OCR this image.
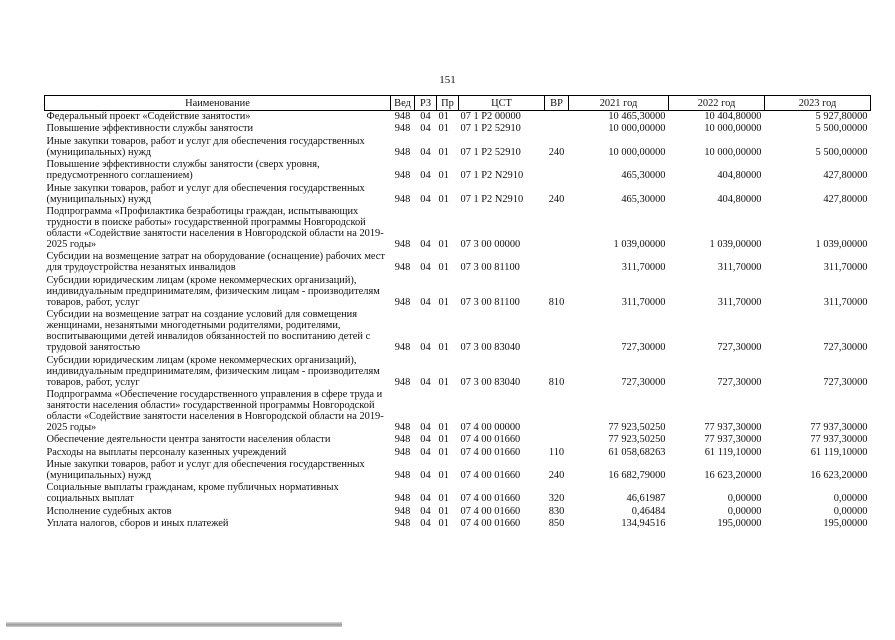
151
Наименование	Вед	РЗ	Пр	ЦСТ	ВР	2021 год	2022 год	2023 год
Федеральный проект «Содействие занятости»	948	04	01	07 1 P2 00000		10 465,30000	10 404,80000	5 927,80000
Повышение эффективности службы занятости	948	04	01	07 1 P2 52910		10 000,00000	10 000,00000	5 500,00000
Иные закупки товаров, работ и услуг для обеспечения государственных (муниципальных) нужд	948	04	01	07 1 P2 52910	240	10 000,00000	10 000,00000	5 500,00000
Повышение эффективности службы занятости (сверх уровня, предусмотренного соглашением)	948	04	01	07 1 P2 N2910		465,30000	404,80000	427,80000
Иные закупки товаров, работ и услуг для обеспечения государственных (муниципальных) нужд	948	04	01	07 1 P2 N2910	240	465,30000	404,80000	427,80000
Подпрограмма «Профилактика безработицы граждан, испытывающих трудности в поиске работы» государственной программы Новгородской области «Содействие занятости населения в Новгородской области на 2019-2025 годы»	948	04	01	07 3 00 00000		1 039,00000	1 039,00000	1 039,00000
Субсидии на возмещение затрат на оборудование (оснащение) рабочих мест для трудоустройства незанятых инвалидов	948	04	01	07 3 00 81100		311,70000	311,70000	311,70000
Субсидии юридическим лицам (кроме некоммерческих организаций), индивидуальным предпринимателям, физическим лицам - производителям товаров, работ, услуг	948	04	01	07 3 00 81100	810	311,70000	311,70000	311,70000
Субсидии на возмещение затрат на создание условий для совмещения женщинами, незанятыми многодетными родителями, родителями, воспитывающими детей инвалидов обязанностей по воспитанию детей с трудовой занятостью	948	04	01	07 3 00 83040		727,30000	727,30000	727,30000
Субсидии юридическим лицам (кроме некоммерческих организаций), индивидуальным предпринимателям, физическим лицам - производителям товаров, работ, услуг	948	04	01	07 3 00 83040	810	727,30000	727,30000	727,30000
Подпрограмма «Обеспечение государственного управления в сфере труда и занятости населения области» государственной программы Новгородской области «Содействие занятости населения в Новгородской области на 2019-2025 годы»	948	04	01	07 4 00 00000		77 923,50250	77 937,30000	77 937,30000
Обеспечение деятельности центра занятости населения области	948	04	01	07 4 00 01660		77 923,50250	77 937,30000	77 937,30000
Расходы на выплаты персоналу казенных учреждений	948	04	01	07 4 00 01660	110	61 058,68263	61 119,10000	61 119,10000
Иные закупки товаров, работ и услуг для обеспечения государственных (муниципальных) нужд	948	04	01	07 4 00 01660	240	16 682,79000	16 623,20000	16 623,20000
Социальные выплаты гражданам, кроме публичных нормативных социальных выплат	948	04	01	07 4 00 01660	320	46,61987	0,00000	0,00000
Исполнение судебных актов	948	04	01	07 4 00 01660	830	0,46484	0,00000	0,00000
Уплата налогов, сборов и иных платежей	948	04	01	07 4 00 01660	850	134,94516	195,00000	195,00000
